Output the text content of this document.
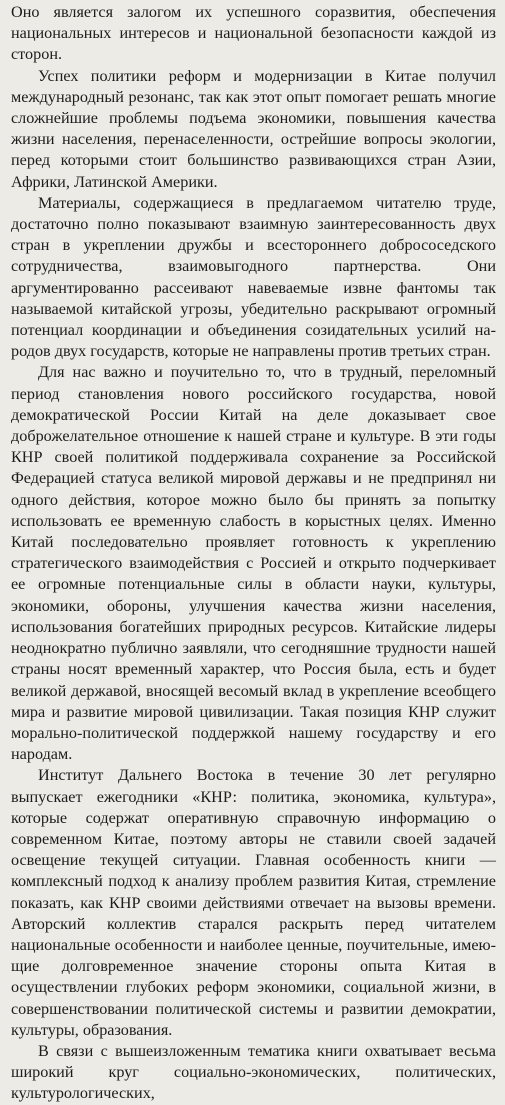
Оно является залогом их успешного соразвития, обеспечения национальных интересов и национальной безопасности каждой из сторон.

Успех политики реформ и модернизации в Китае получил международный резонанс, так как этот опыт помогает решать многие сложнейшие проблемы подъема экономики, повышения качества жизни населения, перенаселенности, острейшие вопросы экологии, перед которыми стоит большинство развивающихся стран Азии, Африки, Латинской Америки.

Материалы, содержащиеся в предлагаемом читателю труде, достаточно полно показывают взаимную заинтересованность двух стран в укреплении дружбы и всестороннего добрососедского сотрудничества, взаимовыгодного партнерства. Они аргументированно рассеивают навеваемые извне фантомы так называемой китайской угрозы, убедительно раскрывают огромный потенциал координации и объединения созидательных усилий народов двух государств, которые не направлены против третьих стран.

Для нас важно и поучительно то, что в трудный, переломный период становления нового российского государства, новой демократической России Китай на деле доказывает свое доброжелательное отношение к нашей стране и культуре. В эти годы КНР своей политикой поддерживала сохранение за Российской Федерацией статуса великой мировой державы и не предпринял ни одного действия, которое можно было бы принять за попытку использовать ее временную слабость в корыстных целях. Именно Китай последовательно проявляет готовность к укреплению стратегического взаимодействия с Россией и открыто подчеркивает ее огромные потенциальные силы в области науки, культуры, экономики, обороны, улучшения качества жизни населения, использования богатейших природных ресурсов. Китайские лидеры неоднократно публично заявляли, что сегодняшние трудности нашей страны носят временный характер, что Россия была, есть и будет великой державой, вносящей весомый вклад в укрепление всеобщего мира и развитие мировой цивилизации. Такая позиция КНР служит морально-политической поддержкой нашему государству и его народам.

Институт Дальнего Востока в течение 30 лет регулярно выпускает ежегодники «КНР: политика, экономика, культура», которые содержат оперативную справочную информацию о современном Китае, поэтому авторы не ставили своей задачей освещение текущей ситуации. Главная особенность книги — комплексный подход к анализу проблем развития Китая, стремление показать, как КНР своими действиями отвечает на вызовы времени. Авторский коллектив старался раскрыть перед читателем национальные особенности и наиболее ценные, поучительные, имеющие долговременное значение стороны опыта Китая в осуществлении глубоких реформ экономики, социальной жизни, в совершенствовании политической системы и развитии демократии, культуры, образования.

В связи с вышеизложенным тематика книги охватывает весьма широкий круг социально-экономических, политических, культурологических,
